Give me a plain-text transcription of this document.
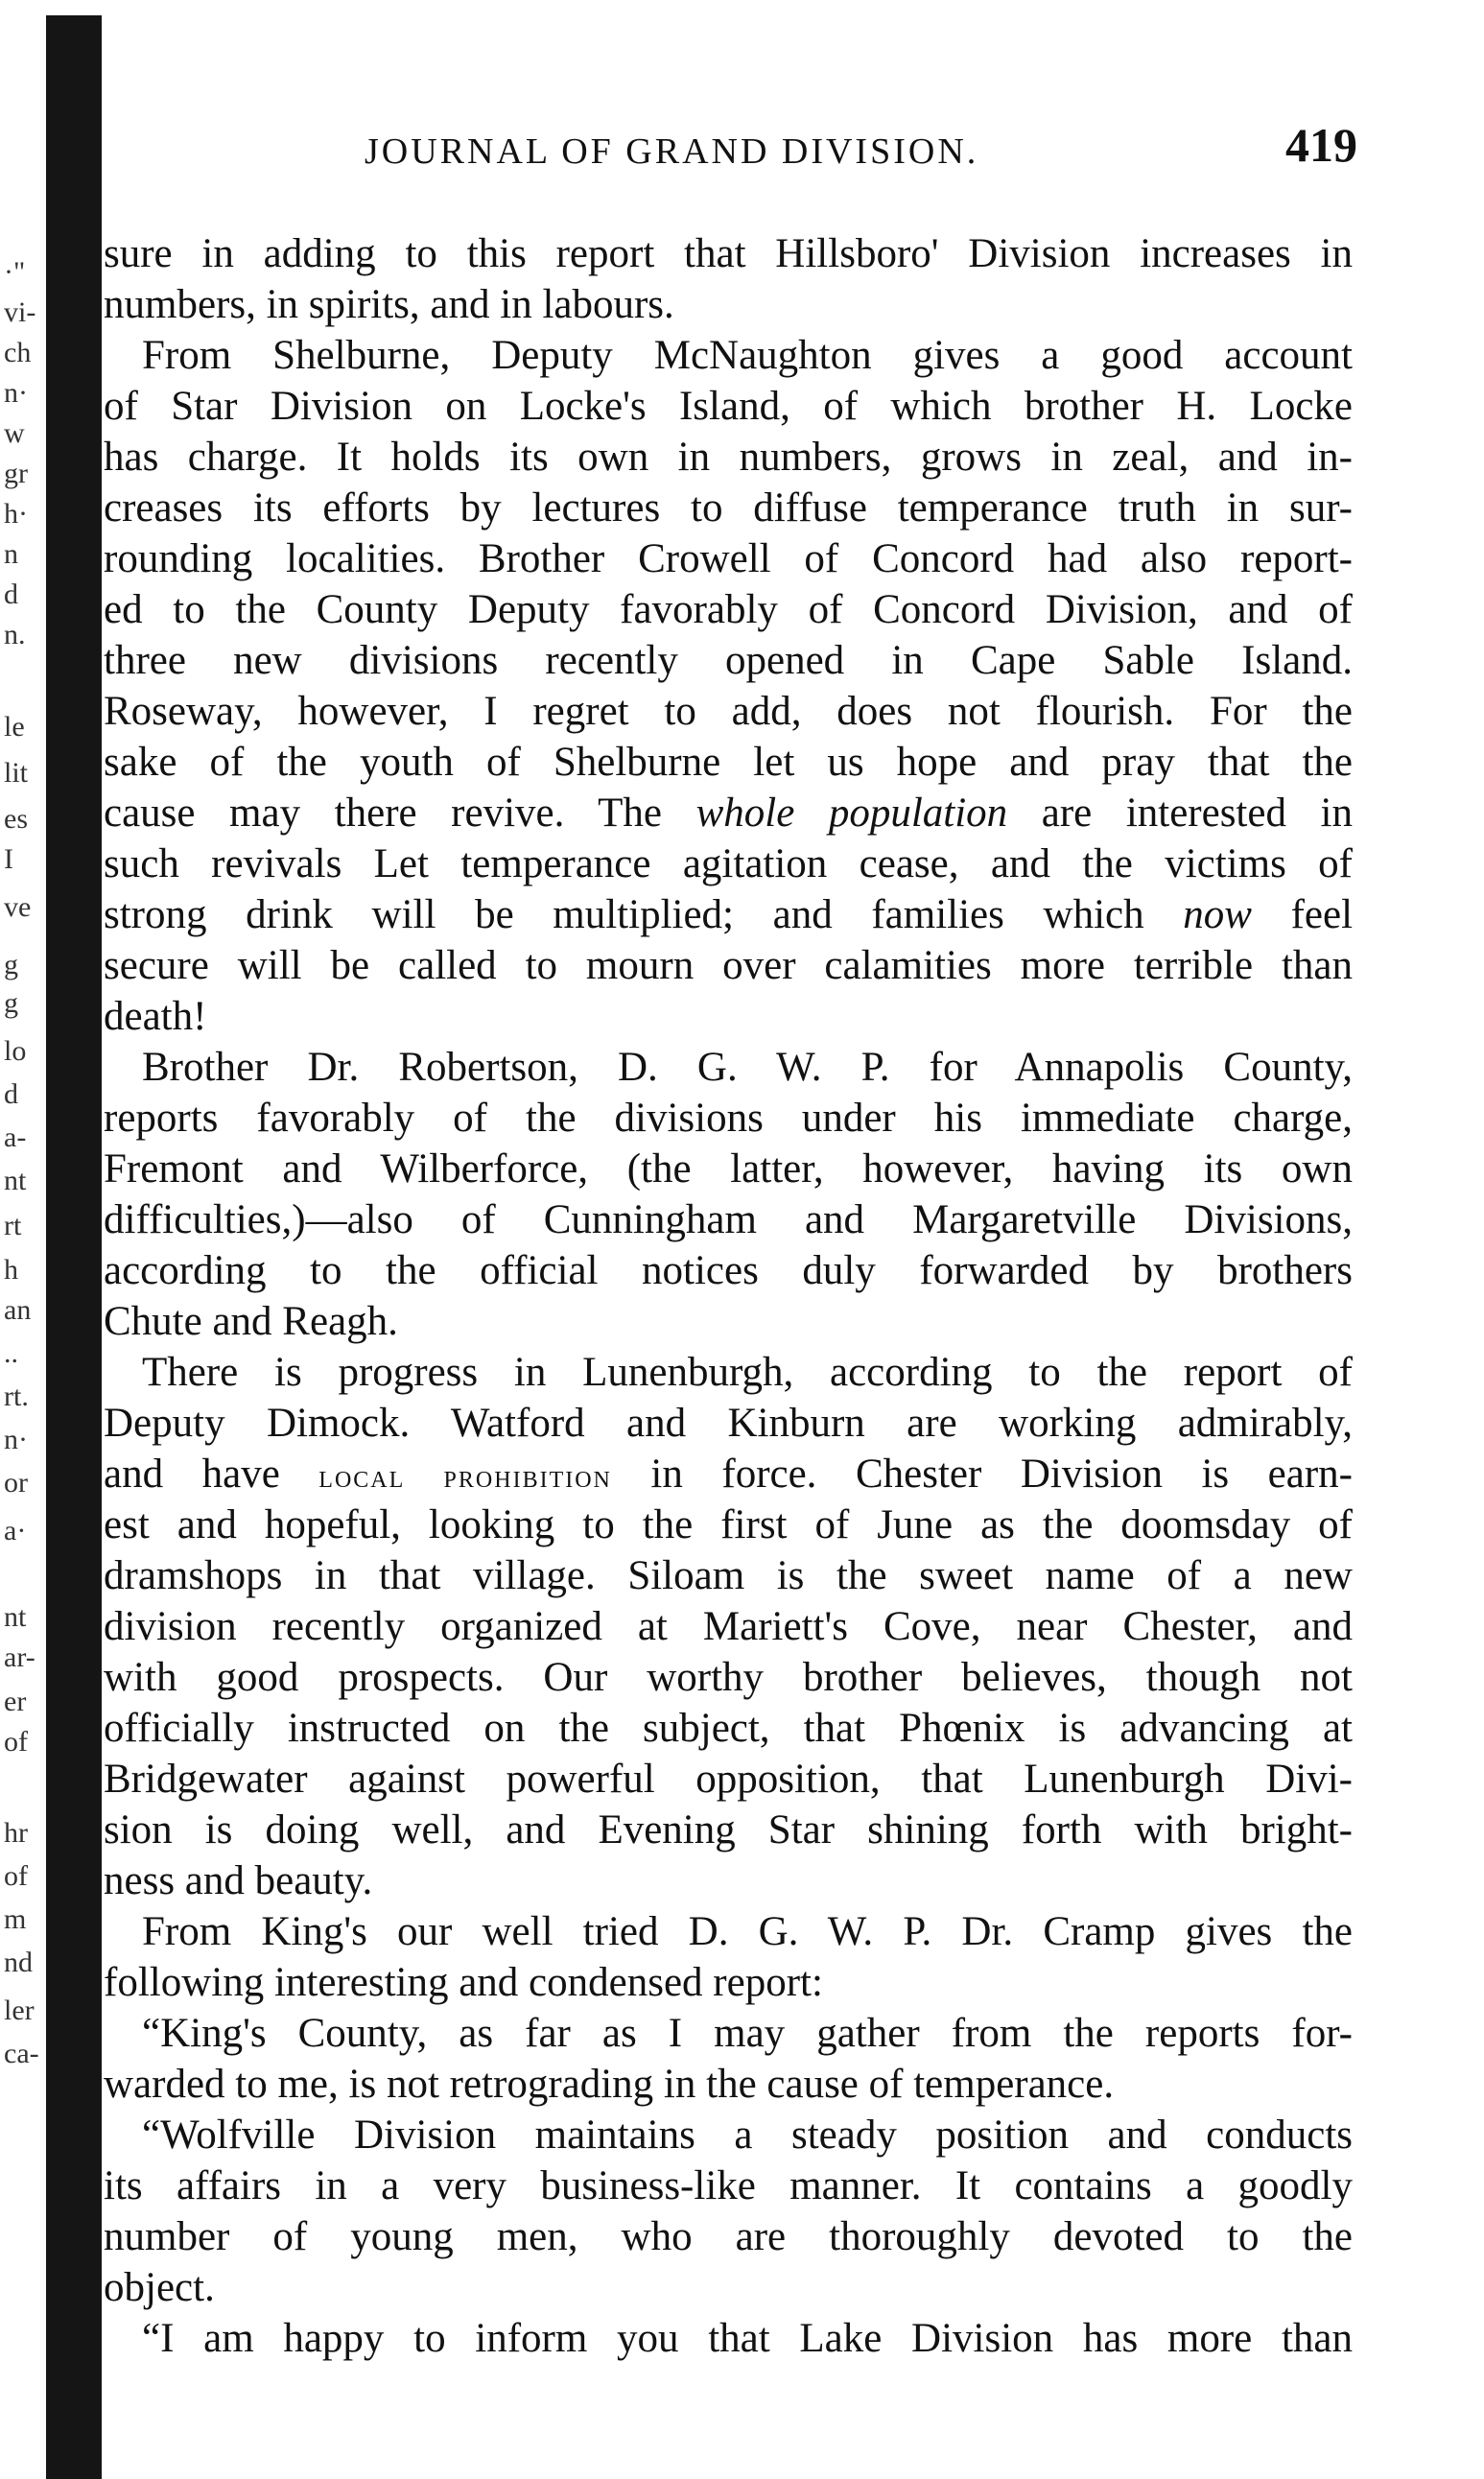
·"
vi-
ch
n·
w
gr
h·
n
d
n.
le
lit
es
I
ve
g
g
lo
d
a-
nt
rt
h
an
..
rt.
n·
or
a·
nt
ar-
er
of
hr
of
m
nd
ler
ca-
JOURNAL OF GRAND DIVISION.	419
sure in adding to this report that Hillsboro' Division increases in
numbers, in spirits, and in labours.
From Shelburne, Deputy McNaughton gives a good account
of Star Division on Locke's Island, of which brother H. Locke
has charge. It holds its own in numbers, grows in zeal, and in-
creases its efforts by lectures to diffuse temperance truth in sur-
rounding localities. Brother Crowell of Concord had also report-
ed to the County Deputy favorably of Concord Division, and of
three new divisions recently opened in Cape Sable Island.
Roseway, however, I regret to add, does not flourish. For the
sake of the youth of Shelburne let us hope and pray that the
cause may there revive. The whole population are interested in
such revivals Let temperance agitation cease, and the victims of
strong drink will be multiplied; and families which now feel
secure will be called to mourn over calamities more terrible than
death!
Brother Dr. Robertson, D. G. W. P. for Annapolis County,
reports favorably of the divisions under his immediate charge,
Fremont and Wilberforce, (the latter, however, having its own
difficulties,)—also of Cunningham and Margaretville Divisions,
according to the official notices duly forwarded by brothers
Chute and Reagh.
There is progress in Lunenburgh, according to the report of
Deputy Dimock. Watford and Kinburn are working admirably,
and have local prohibition in force. Chester Division is earn-
est and hopeful, looking to the first of June as the doomsday of
dramshops in that village. Siloam is the sweet name of a new
division recently organized at Mariett's Cove, near Chester, and
with good prospects. Our worthy brother believes, though not
officially instructed on the subject, that Phœnix is advancing at
Bridgewater against powerful opposition, that Lunenburgh Divi-
sion is doing well, and Evening Star shining forth with bright-
ness and beauty.
From King's our well tried D. G. W. P. Dr. Cramp gives the
following interesting and condensed report:
“King's County, as far as I may gather from the reports for-
warded to me, is not retrograding in the cause of temperance.
“Wolfville Division maintains a steady position and conducts
its affairs in a very business-like manner. It contains a goodly
number of young men, who are thoroughly devoted to the
object.
“I am happy to inform you that Lake Division has more than
